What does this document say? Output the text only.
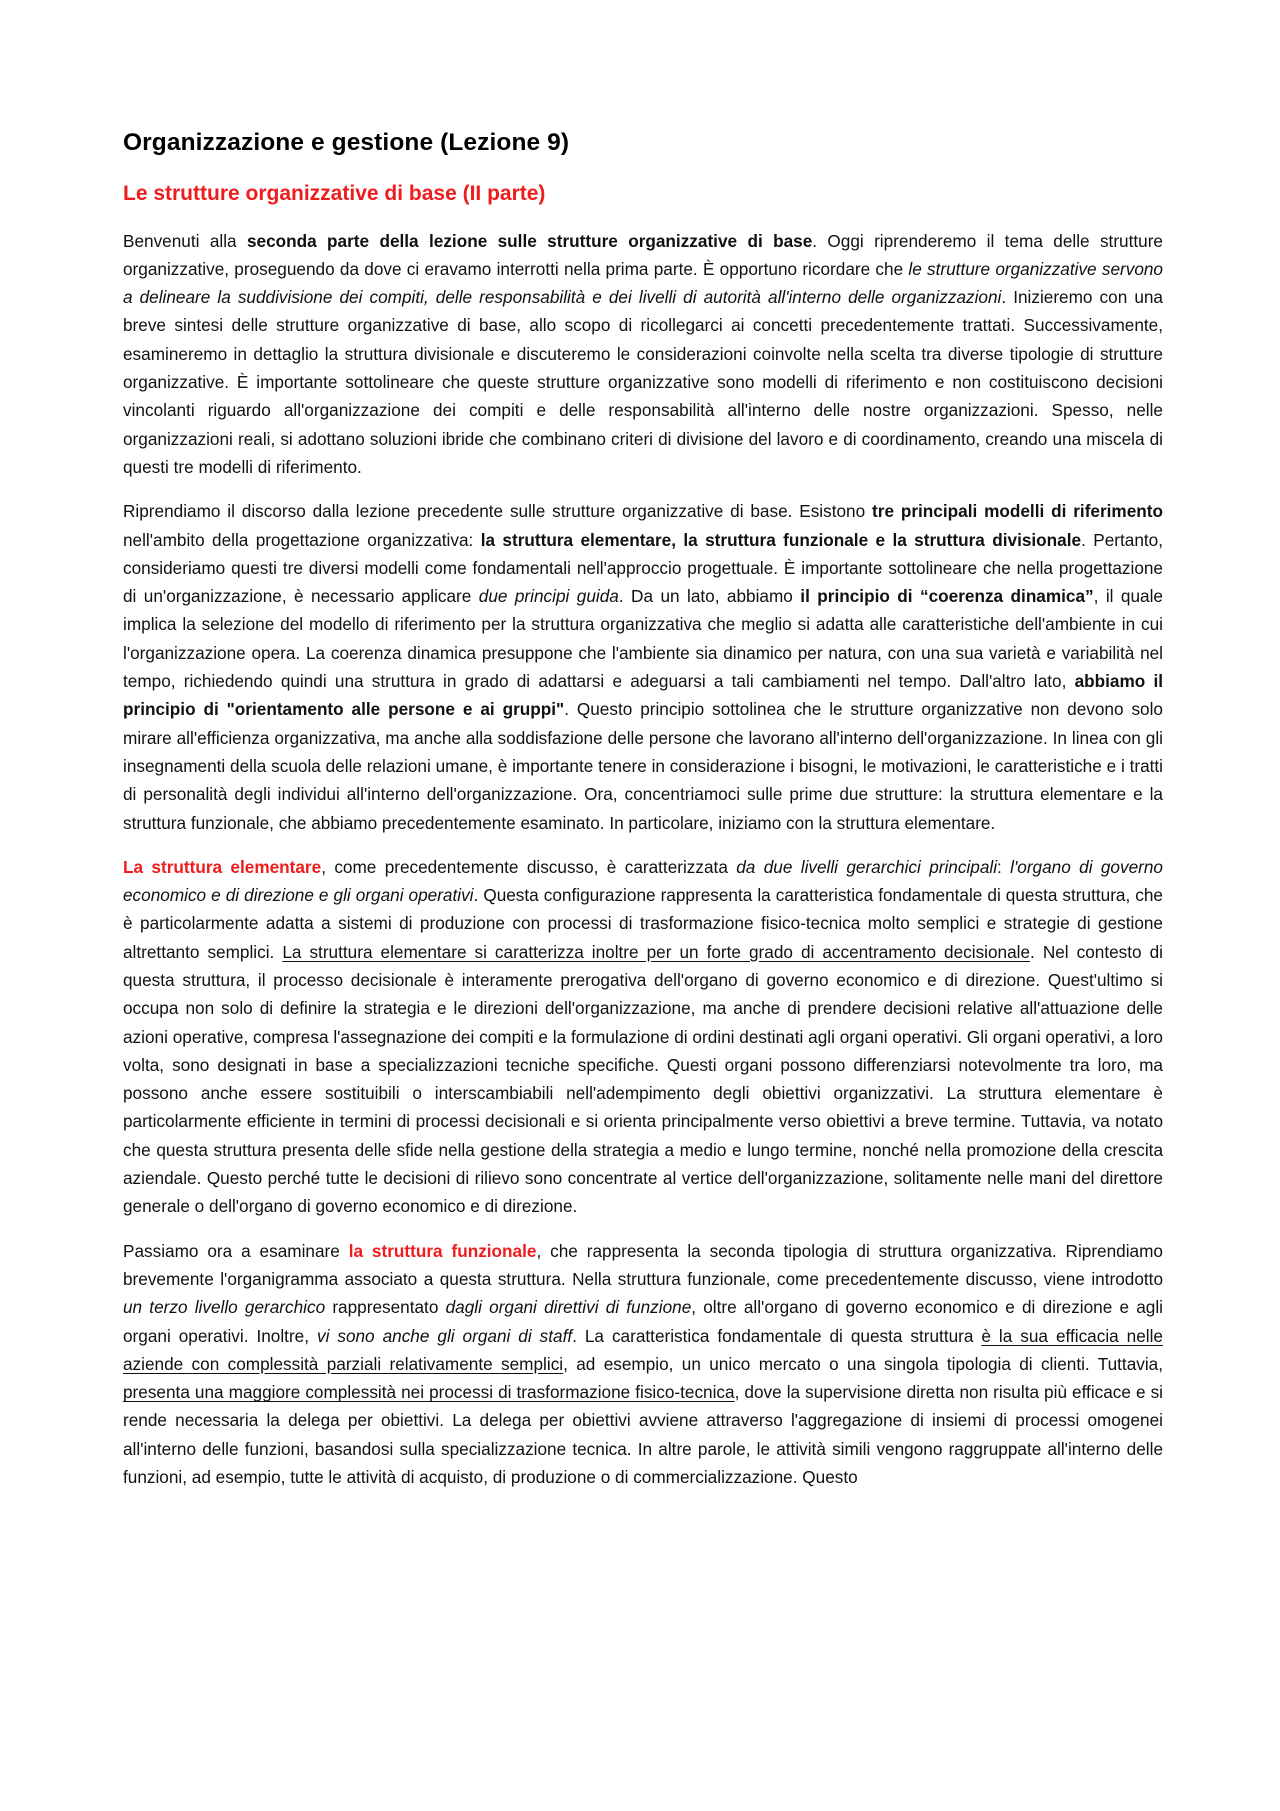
Organizzazione e gestione (Lezione 9)
Le strutture organizzative di base (II parte)

Benvenuti alla seconda parte della lezione sulle strutture organizzative di base. Oggi riprenderemo il tema delle strutture organizzative, proseguendo da dove ci eravamo interrotti nella prima parte. È opportuno ricordare che le strutture organizzative servono a delineare la suddivisione dei compiti, delle responsabilità e dei livelli di autorità all'interno delle organizzazioni. Inizieremo con una breve sintesi delle strutture organizzative di base, allo scopo di ricollegarci ai concetti precedentemente trattati. Successivamente, esamineremo in dettaglio la struttura divisionale e discuteremo le considerazioni coinvolte nella scelta tra diverse tipologie di strutture organizzative. È importante sottolineare che queste strutture organizzative sono modelli di riferimento e non costituiscono decisioni vincolanti riguardo all'organizzazione dei compiti e delle responsabilità all'interno delle nostre organizzazioni. Spesso, nelle organizzazioni reali, si adottano soluzioni ibride che combinano criteri di divisione del lavoro e di coordinamento, creando una miscela di questi tre modelli di riferimento.

Riprendiamo il discorso dalla lezione precedente sulle strutture organizzative di base. Esistono tre principali modelli di riferimento nell'ambito della progettazione organizzativa: la struttura elementare, la struttura funzionale e la struttura divisionale. Pertanto, consideriamo questi tre diversi modelli come fondamentali nell'approccio progettuale. È importante sottolineare che nella progettazione di un'organizzazione, è necessario applicare due principi guida. Da un lato, abbiamo il principio di “coerenza dinamica”, il quale implica la selezione del modello di riferimento per la struttura organizzativa che meglio si adatta alle caratteristiche dell'ambiente in cui l'organizzazione opera. La coerenza dinamica presuppone che l'ambiente sia dinamico per natura, con una sua varietà e variabilità nel tempo, richiedendo quindi una struttura in grado di adattarsi e adeguarsi a tali cambiamenti nel tempo. Dall'altro lato, abbiamo il principio di "orientamento alle persone e ai gruppi". Questo principio sottolinea che le strutture organizzative non devono solo mirare all'efficienza organizzativa, ma anche alla soddisfazione delle persone che lavorano all'interno dell'organizzazione. In linea con gli insegnamenti della scuola delle relazioni umane, è importante tenere in considerazione i bisogni, le motivazioni, le caratteristiche e i tratti di personalità degli individui all'interno dell'organizzazione. Ora, concentriamoci sulle prime due strutture: la struttura elementare e la struttura funzionale, che abbiamo precedentemente esaminato. In particolare, iniziamo con la struttura elementare.

La struttura elementare, come precedentemente discusso, è caratterizzata da due livelli gerarchici principali: l'organo di governo economico e di direzione e gli organi operativi. Questa configurazione rappresenta la caratteristica fondamentale di questa struttura, che è particolarmente adatta a sistemi di produzione con processi di trasformazione fisico-tecnica molto semplici e strategie di gestione altrettanto semplici. La struttura elementare si caratterizza inoltre per un forte grado di accentramento decisionale. Nel contesto di questa struttura, il processo decisionale è interamente prerogativa dell'organo di governo economico e di direzione. Quest'ultimo si occupa non solo di definire la strategia e le direzioni dell'organizzazione, ma anche di prendere decisioni relative all'attuazione delle azioni operative, compresa l'assegnazione dei compiti e la formulazione di ordini destinati agli organi operativi. Gli organi operativi, a loro volta, sono designati in base a specializzazioni tecniche specifiche. Questi organi possono differenziarsi notevolmente tra loro, ma possono anche essere sostituibili o interscambiabili nell'adempimento degli obiettivi organizzativi. La struttura elementare è particolarmente efficiente in termini di processi decisionali e si orienta principalmente verso obiettivi a breve termine. Tuttavia, va notato che questa struttura presenta delle sfide nella gestione della strategia a medio e lungo termine, nonché nella promozione della crescita aziendale. Questo perché tutte le decisioni di rilievo sono concentrate al vertice dell'organizzazione, solitamente nelle mani del direttore generale o dell'organo di governo economico e di direzione.

Passiamo ora a esaminare la struttura funzionale, che rappresenta la seconda tipologia di struttura organizzativa. Riprendiamo brevemente l'organigramma associato a questa struttura. Nella struttura funzionale, come precedentemente discusso, viene introdotto un terzo livello gerarchico rappresentato dagli organi direttivi di funzione, oltre all'organo di governo economico e di direzione e agli organi operativi. Inoltre, vi sono anche gli organi di staff. La caratteristica fondamentale di questa struttura è la sua efficacia nelle aziende con complessità parziali relativamente semplici, ad esempio, un unico mercato o una singola tipologia di clienti. Tuttavia, presenta una maggiore complessità nei processi di trasformazione fisico-tecnica, dove la supervisione diretta non risulta più efficace e si rende necessaria la delega per obiettivi. La delega per obiettivi avviene attraverso l'aggregazione di insiemi di processi omogenei all'interno delle funzioni, basandosi sulla specializzazione tecnica. In altre parole, le attività simili vengono raggruppate all'interno delle funzioni, ad esempio, tutte le attività di acquisto, di produzione o di commercializzazione. Questo
